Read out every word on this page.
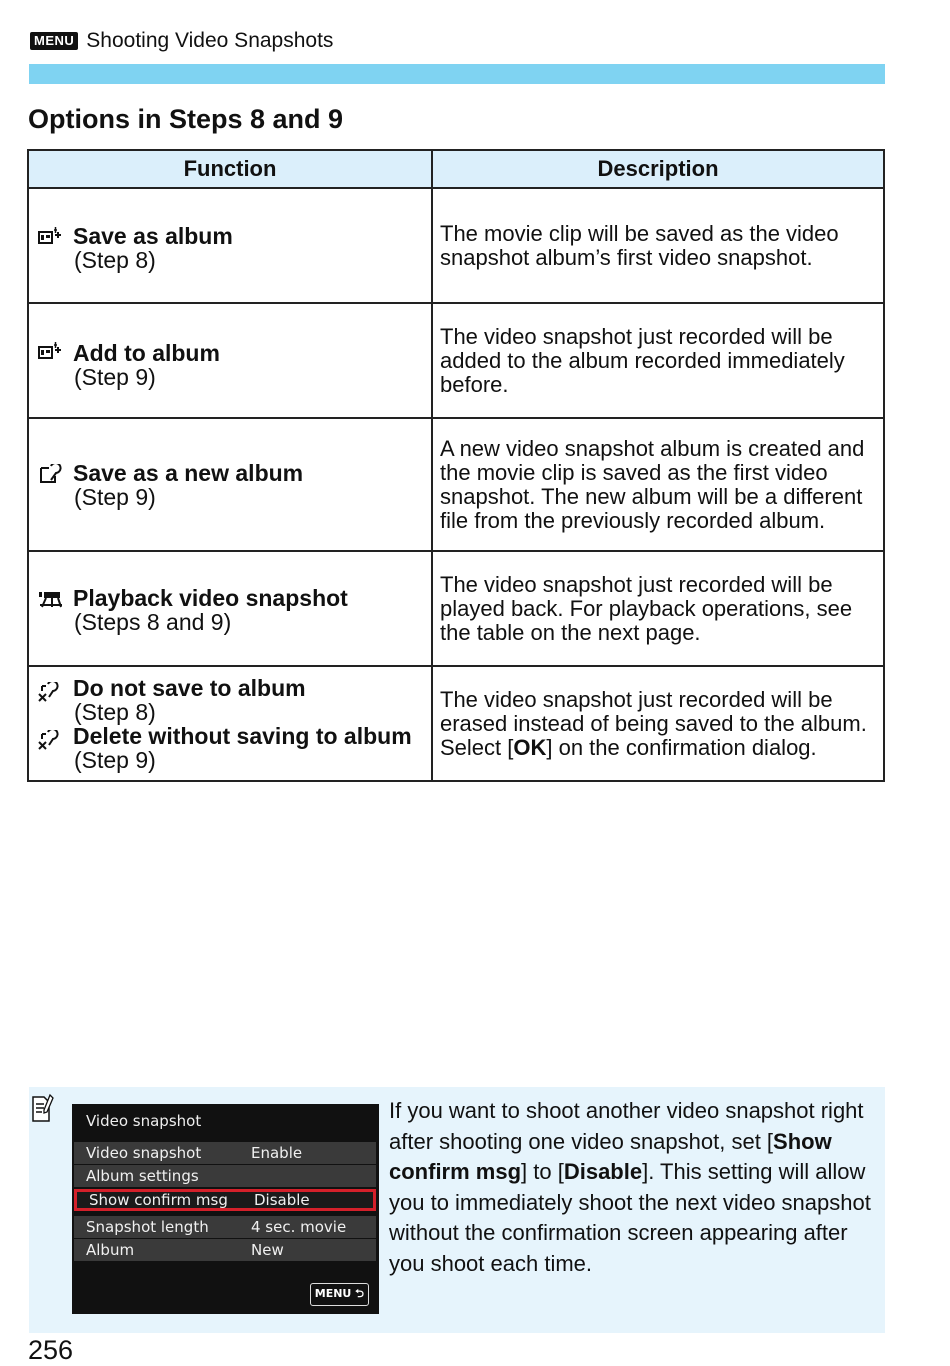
MENU Shooting Video Snapshots
Options in Steps 8 and 9
Function	Description

Save as album
(Step 8)	The movie clip will be saved as the video snapshot album’s first video snapshot.

Add to album
(Step 9)	The video snapshot just recorded will be added to the album recorded immediately before.

Save as a new album
(Step 9)	A new video snapshot album is created and the movie clip is saved as the first video snapshot. The new album will be a different file from the previously recorded album.

Playback video snapshot
(Steps 8 and 9)	The video snapshot just recorded will be played back. For playback operations, see the table on the next page.

Do not save to album
(Step 8)
Delete without saving to album
(Step 9)	The video snapshot just recorded will be erased instead of being saved to the album. Select [OK] on the confirmation dialog.
Video snapshot
Video snapshot	Enable
Album settings
Show confirm msg Disable
Snapshot length	4 sec. movie
Album	New
MENU ⮌
If you want to shoot another video snapshot right after shooting one video snapshot, set [Show confirm msg] to [Disable]. This setting will allow you to immediately shoot the next video snapshot without the confirmation screen appearing after you shoot each time.
256
